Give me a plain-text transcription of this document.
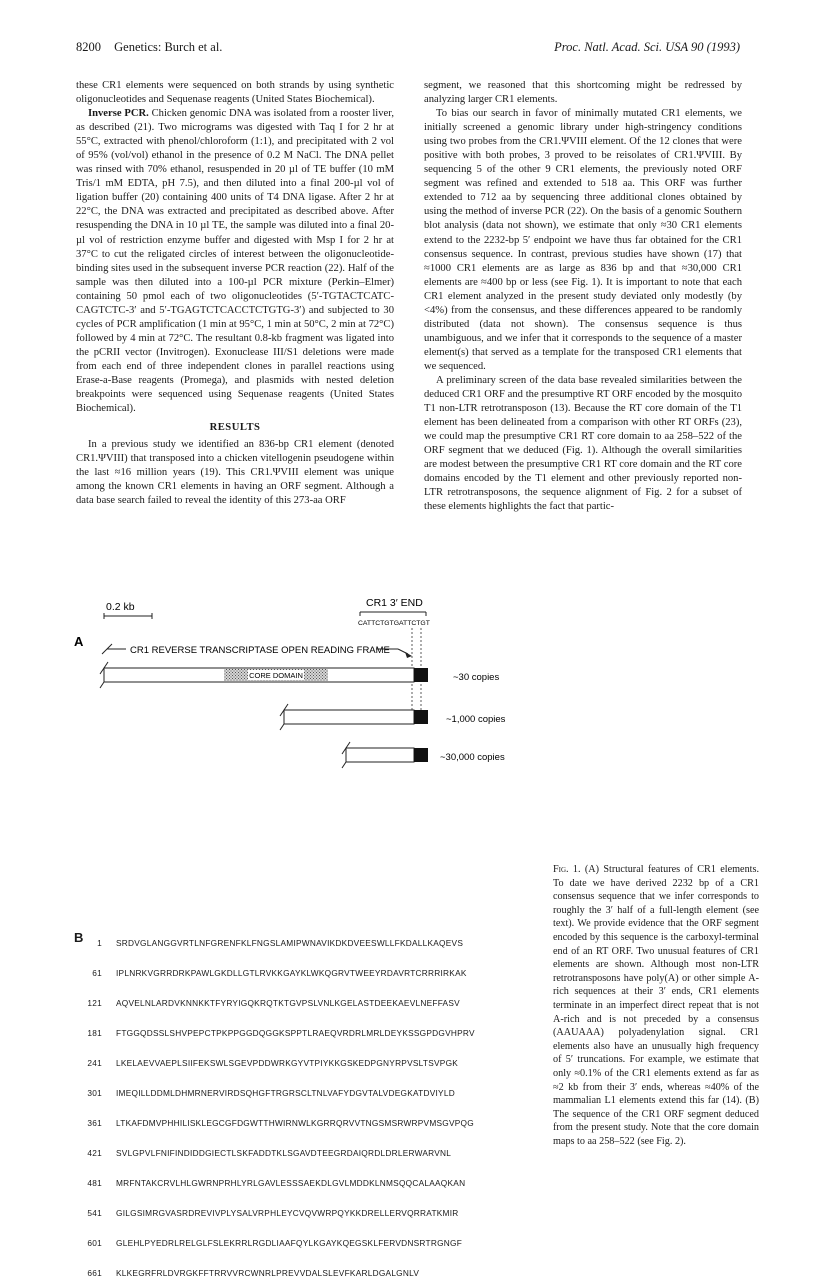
8200 Genetics: Burch et al.	Proc. Natl. Acad. Sci. USA 90 (1993)

these CR1 elements were sequenced on both strands by using synthetic oligonucleotides and Sequenase reagents (United States Biochemical).

Inverse PCR. Chicken genomic DNA was isolated from a rooster liver, as described (21). Two micrograms was digested with Taq I for 2 hr at 55°C, extracted with phenol/chloroform (1:1), and precipitated with 2 vol of 95% (vol/vol) ethanol in the presence of 0.2 M NaCl. The DNA pellet was rinsed with 70% ethanol, resuspended in 20 µl of TE buffer (10 mM Tris/1 mM EDTA, pH 7.5), and then diluted into a final 200-µl vol of ligation buffer (20) containing 400 units of T4 DNA ligase. After 2 hr at 22°C, the DNA was extracted and precipitated as described above. After resuspending the DNA in 10 µl TE, the sample was diluted into a final 20-µl vol of restriction enzyme buffer and digested with Msp I for 2 hr at 37°C to cut the religated circles of interest between the oligonucleotide-binding sites used in the subsequent inverse PCR reaction (22). Half of the sample was then diluted into a 100-µl PCR mixture (Perkin–Elmer) containing 50 pmol each of two oligonucleotides (5′-TGTACTCATC-CAGTCTC-3′ and 5′-TGAGTCTCACCTCTGTG-3′) and subjected to 30 cycles of PCR amplification (1 min at 95°C, 1 min at 50°C, 2 min at 72°C) followed by 4 min at 72°C. The resultant 0.8-kb fragment was ligated into the pCRII vector (Invitrogen). Exonuclease III/S1 deletions were made from each end of three independent clones in parallel reactions using Erase-a-Base reagents (Promega), and plasmids with nested deletion breakpoints were sequenced using Sequenase reagents (United States Biochemical).

RESULTS

In a previous study we identified an 836-bp CR1 element (denoted CR1.ΨVIII) that transposed into a chicken vitellogenin pseudogene within the last ≈16 million years (19). This CR1.ΨVIII element was unique among the known CR1 elements in having an ORF segment. Although a data base search failed to reveal the identity of this 273-aa ORF

segment, we reasoned that this shortcoming might be redressed by analyzing larger CR1 elements.

To bias our search in favor of minimally mutated CR1 elements, we initially screened a genomic library under high-stringency conditions using two probes from the CR1.ΨVIII element. Of the 12 clones that were positive with both probes, 3 proved to be reisolates of CR1.ΨVIII. By sequencing 5 of the other 9 CR1 elements, the previously noted ORF segment was refined and extended to 518 aa. This ORF was further extended to 712 aa by sequencing three additional clones obtained by using the method of inverse PCR (22). On the basis of a genomic Southern blot analysis (data not shown), we estimate that only ≈30 CR1 elements extend to the 2232-bp 5′ endpoint we have thus far obtained for the CR1 consensus sequence. In contrast, previous studies have shown (17) that ≈1000 CR1 elements are as large as 836 bp and that ≈30,000 CR1 elements are ≈400 bp or less (see Fig. 1). It is important to note that each CR1 element analyzed in the present study deviated only modestly (by <4%) from the consensus, and these differences appeared to be randomly distributed (data not shown). The consensus sequence is thus unambiguous, and we infer that it corresponds to the sequence of a master element(s) that served as a template for the transposed CR1 elements that we sequenced.

A preliminary screen of the data base revealed similarities between the deduced CR1 ORF and the presumptive RT ORF encoded by the mosquito T1 non-LTR retrotransposon (13). Because the RT core domain of the T1 element has been delineated from a comparison with other RT ORFs (23), we could map the presumptive CR1 RT core domain to aa 258–522 of the ORF segment that we deduced (Fig. 1). Although the overall similarities are modest between the presumptive CR1 RT core domain and the RT core domains encoded by the T1 element and other previously reported non-LTR retrotransposons, the sequence alignment of Fig. 2 for a subset of these elements highlights the fact that partic-

A
0.2 kb	CR1 3′ END
CATTCTGTGATTCTGT
CR1 REVERSE TRANSCRIPTASE OPEN READING FRAME
CORE DOMAIN	~30 copies
~1,000 copies
~30,000 copies
B	1 SRDVGLANGGVRTLNFGRENFKLFNGSLAMIPWNAVIKDKDVEESWLLFKDALLKAQEVS
61 IPLNRKVGRRDRKPAWLGKDLLGTLRVKKGAYKLWKQGRVTWEEYRDAVRTCRRRIRKAK
121 AQVELNLARDVKNNKKTFYRYIGQKRQTKTGVPSLVNLKGELASTDEEKAEVLNEFFASV
181 FTGGQDSSLSHVPEPCTPKPPGGDQGGKSPPTLRAEQVRDRLMRLDEYKSSGPDGVHPRV
241 LKELAEVVAEPLSIIFEKSWLSGEVPDDWRKGYVTPIYKKGSKEDPGNYRPVSLTSVPGK
301 IMEQILLDDMLDHMRNERVIRDSQHGFTRGRSCLTNLVAFYDGVTALVDEGKATDVIYLD
361 LTKAFDMVPHHILISKLEGCGFDGWTTHWIRNWLKGRRQRVVTNGSMSRWRPVMSGVPQG
421 SVLGPVLFNIFINDIDDGIECTLSKFADDTKLSGAVDTEEGRDAIQRDLDRLERWARVNL
481 MRFNTAKCRVLHLGWRNPRHLYRLGAVLESSSAEKDLGVLMDDKLNMSQQCALAAQKAN
541 GILGSIMRGVASRDREVIVPLYSALVRPHLEYCVQVWRPQYKKDRELLERVQRRATKMIR
601 GLEHLPYEDRLRELGLFSLEKRRLRGDLIAAFQYLKGAYKQEGSKLFERVDNSRTRGNGF
661 KLKEGRFRLDVRGKFFTRRVVRCWNRLPREVVDALSLEVFKARLDGALGNLV
Fig. 1. (A) Structural features of CR1 elements. To date we have derived 2232 bp of a CR1 consensus sequence that we infer corresponds to roughly the 3′ half of a full-length element (see text). We provide evidence that the ORF segment encoded by this sequence is the carboxyl-terminal end of an RT ORF. Two unusual features of CR1 elements are shown. Although most non-LTR retrotransposons have poly(A) or other simple A-rich sequences at their 3′ ends, CR1 elements terminate in an imperfect direct repeat that is not A-rich and is not preceded by a consensus (AAUAAA) polyadenylation signal. CR1 elements also have an unusually high frequency of 5′ truncations. For example, we estimate that only ≈0.1% of the CR1 elements extend as far as ≈2 kb from their 3′ ends, whereas ≈40% of the mammalian L1 elements extend this far (14). (B) The sequence of the CR1 ORF segment deduced from the present study. Note that the core domain maps to aa 258–522 (see Fig. 2).
